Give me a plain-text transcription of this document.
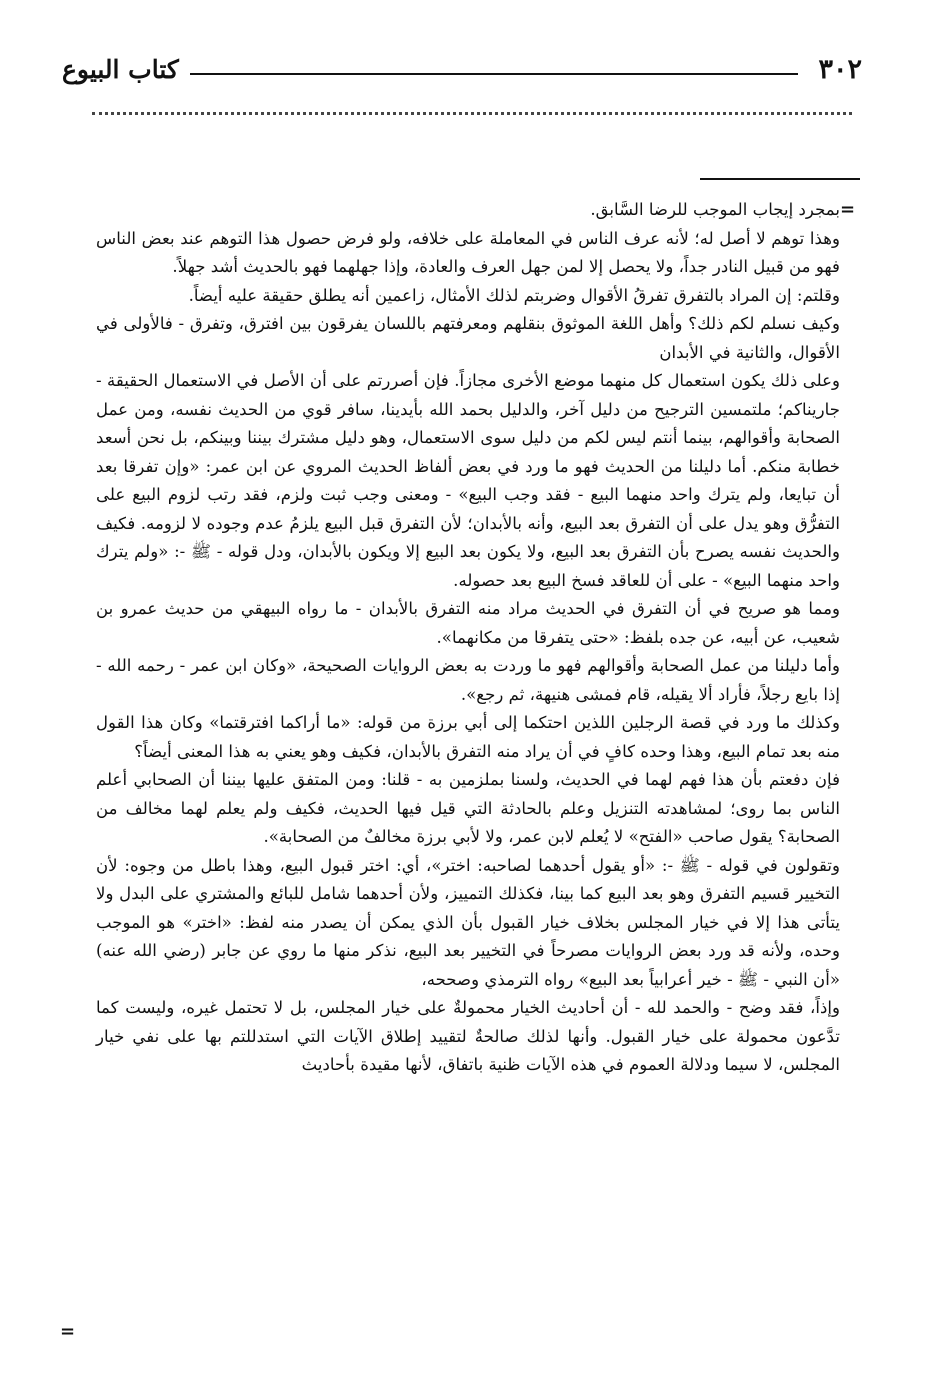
٣٠٢
كتاب البيوع
=

بمجرد إيجاب الموجب للرضا السَّابق.

وهذا توهم لا أصل له؛ لأنه عرف الناس في المعاملة على خلافه، ولو فرض حصول هذا التوهم عند بعض الناس فهو من قبيل النادر جداً، ولا يحصل إلا لمن جهل العرف والعادة، وإذا جهلهما فهو بالحديث أشد جهلاً.

وقلتم: إن المراد بالتفرق تفرقُ الأقوال وضربتم لذلك الأمثال، زاعمين أنه يطلق حقيقة عليه أيضاً.

وكيف نسلم لكم ذلك؟ وأهل اللغة الموثوق بنقلهم ومعرفتهم باللسان يفرقون بين افترق، وتفرق - فالأولى في الأقوال، والثانية في الأبدان

وعلى ذلك يكون استعمال كل منهما موضع الأخرى مجازاً. فإن أصررتم على أن الأصل في الاستعمال الحقيقة - جاريناكم؛ ملتمسين الترجيح من دليل آخر، والدليل بحمد الله بأيدينا، سافر قوي من الحديث نفسه، ومن عمل الصحابة وأقوالهم، بينما أنتم ليس لكم من دليل سوى الاستعمال، وهو دليل مشترك بيننا وبينكم، بل نحن أسعد خطابة منكم. أما دليلنا من الحديث فهو ما ورد في بعض ألفاظ الحديث المروي عن ابن عمر: «وإن تفرقا بعد أن تبايعا، ولم يترك واحد منهما البيع - فقد وجب البيع» - ومعنى وجب ثبت ولزم، فقد رتب لزوم البيع على التفرُّق وهو يدل على أن التفرق بعد البيع، وأنه بالأبدان؛ لأن التفرق قبل البيع يلزمُ عدم وجوده لا لزومه. فكيف والحديث نفسه يصرح بأن التفرق بعد البيع، ولا يكون بعد البيع إلا ويكون بالأبدان، ودل قوله - ﷺ -: «ولم يترك واحد منهما البيع» - على أن للعاقد فسخ البيع بعد حصوله.

ومما هو صريح في أن التفرق في الحديث مراد منه التفرق بالأبدان - ما رواه البيهقي من حديث عمرو بن شعيب، عن أبيه، عن جده بلفظ: «حتى يتفرقا من مكانهما».

وأما دليلنا من عمل الصحابة وأقوالهم فهو ما وردت به بعض الروايات الصحيحة، «وكان ابن عمر - رحمه الله - إذا بايع رجلاً، فأراد ألا يقيله، قام فمشى هنيهة، ثم رجع».

وكذلك ما ورد في قصة الرجلين اللذين احتكما إلى أبي برزة من قوله: «ما أراكما افترقتما» وكان هذا القول منه بعد تمام البيع، وهذا وحده كافٍ في أن يراد منه التفرق بالأبدان، فكيف وهو يعني به هذا المعنى أيضاً؟

فإن دفعتم بأن هذا فهم لهما في الحديث، ولسنا بملزمين به - قلنا: ومن المتفق عليها بيننا أن الصحابي أعلم الناس بما روى؛ لمشاهدته التنزيل وعلم بالحادثة التي قيل فيها الحديث، فكيف ولم يعلم لهما مخالف من الصحابة؟ يقول صاحب «الفتح» لا يُعلم لابن عمر، ولا لأبي برزة مخالفٌ من الصحابة».

وتقولون في قوله - ﷺ -: «أو يقول أحدهما لصاحبه: اختر»، أي: اختر قبول البيع، وهذا باطل من وجوه: لأن التخيير قسيم التفرق وهو بعد البيع كما بينا، فكذلك التمييز، ولأن أحدهما شامل للبائع والمشتري على البدل ولا يتأتى هذا إلا في خيار المجلس بخلاف خيار القبول بأن الذي يمكن أن يصدر منه لفظ: «اختر» هو الموجب وحده، ولأنه قد ورد بعض الروايات مصرحاً في التخيير بعد البيع، نذكر منها ما روي عن جابر (رضي الله عنه) «أن النبي - ﷺ - خير أعرابياً بعد البيع» رواه الترمذي وصححه،

وإذاً، فقد وضح - والحمد لله - أن أحاديث الخيار محمولةٌ على خيار المجلس، بل لا تحتمل غيره، وليست كما تدَّعون محمولة على خيار القبول. وأنها لذلك صالحةٌ لتقييد إطلاق الآيات التي استدللتم بها على نفي خيار المجلس، لا سيما ودلالة العموم في هذه الآيات ظنية باتفاق، لأنها مقيدة بأحاديث

=
